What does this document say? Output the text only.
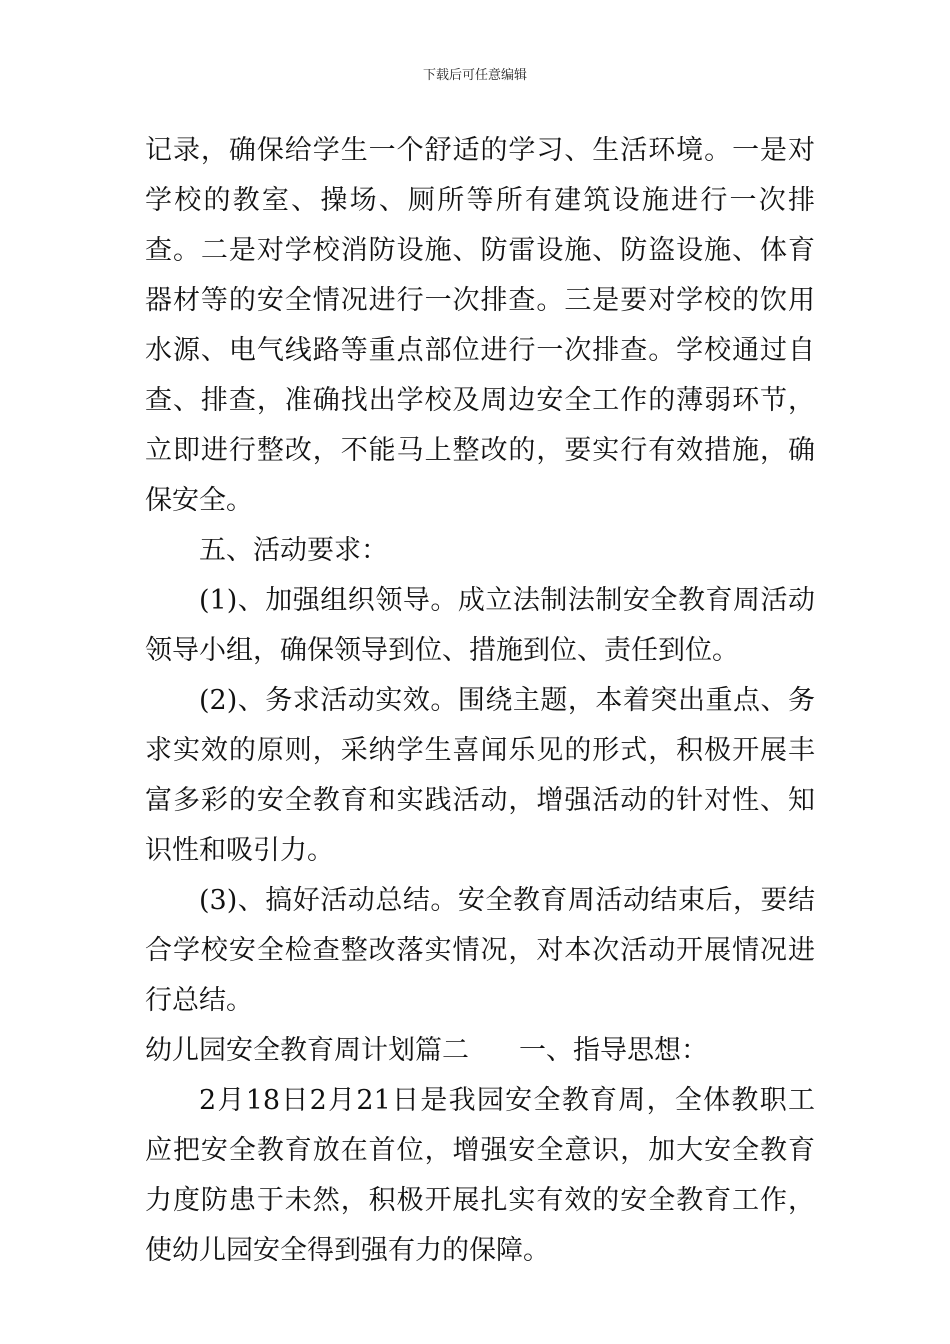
下载后可任意编辑

记录，确保给学生一个舒适的学习、生活环境。一是对学校的教室、操场、厕所等所有建筑设施进行一次排查。二是对学校消防设施、防雷设施、防盗设施、体育器材等的安全情况进行一次排查。三是要对学校的饮用水源、电气线路等重点部位进行一次排查。学校通过自查、排查，准确找出学校及周边安全工作的薄弱环节，立即进行整改，不能马上整改的，要实行有效措施，确保安全。

五、活动要求：

(1)、加强组织领导。成立法制法制安全教育周活动领导小组，确保领导到位、措施到位、责任到位。

(2)、务求活动实效。围绕主题，本着突出重点、务求实效的原则，采纳学生喜闻乐见的形式，积极开展丰富多彩的安全教育和实践活动，增强活动的针对性、知识性和吸引力。

(3)、搞好活动总结。安全教育周活动结束后，要结合学校安全检查整改落实情况，对本次活动开展情况进行总结。

幼儿园安全教育周计划篇二 一、指导思想：

2月18日2月21日是我园安全教育周，全体教职工应把安全教育放在首位，增强安全意识，加大安全教育力度防患于未然，积极开展扎实有效的安全教育工作，使幼儿园安全得到强有力的保障。
